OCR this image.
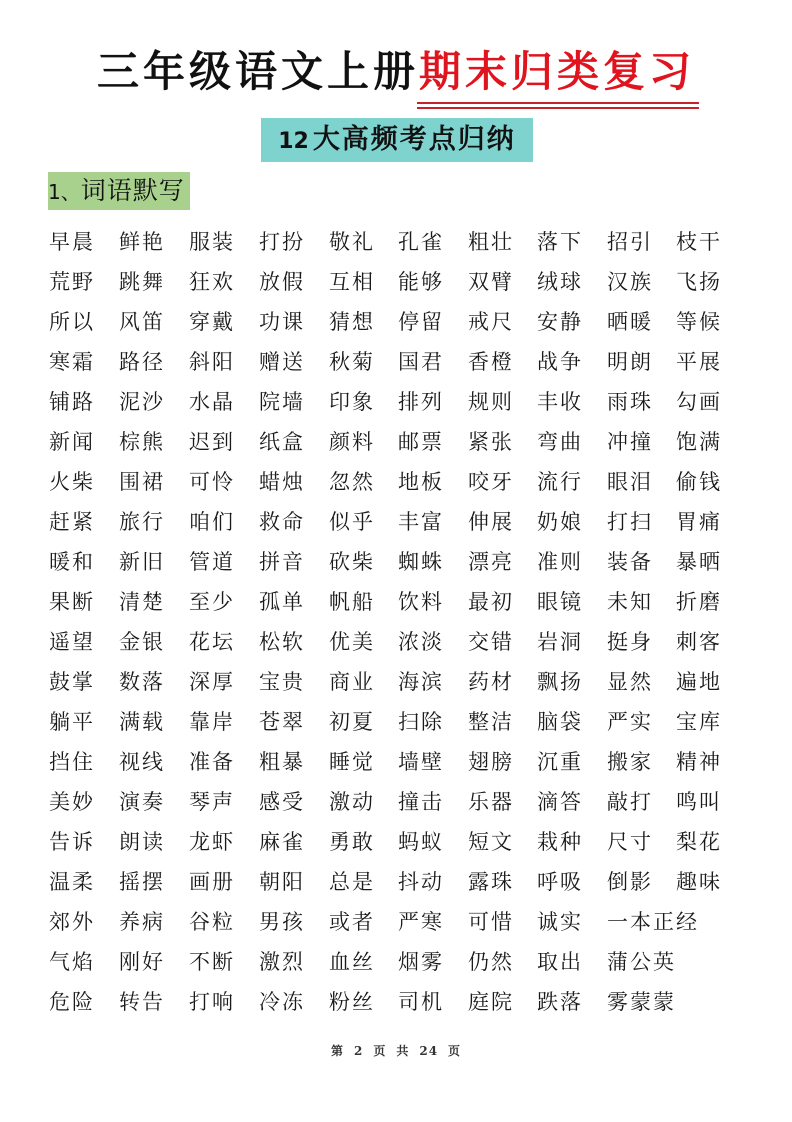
三年级语文上册期末归类复习
12 大高频考点归纳
1、词语默写
早晨 鲜艳 服装 打扮 敬礼 孔雀 粗壮 落下 招引 枝干
荒野 跳舞 狂欢 放假 互相 能够 双臂 绒球 汉族 飞扬
所以 风笛 穿戴 功课 猜想 停留 戒尺 安静 晒暖 等候
寒霜 路径 斜阳 赠送 秋菊 国君 香橙 战争 明朗 平展
铺路 泥沙 水晶 院墙 印象 排列 规则 丰收 雨珠 勾画
新闻 棕熊 迟到 纸盒 颜料 邮票 紧张 弯曲 冲撞 饱满
火柴 围裙 可怜 蜡烛 忽然 地板 咬牙 流行 眼泪 偷钱
赶紧 旅行 咱们 救命 似乎 丰富 伸展 奶娘 打扫 胃痛
暖和 新旧 管道 拼音 砍柴 蜘蛛 漂亮 准则 装备 暴晒
果断 清楚 至少 孤单 帆船 饮料 最初 眼镜 未知 折磨
遥望 金银 花坛 松软 优美 浓淡 交错 岩洞 挺身 刺客
鼓掌 数落 深厚 宝贵 商业 海滨 药材 飘扬 显然 遍地
躺平 满载 靠岸 苍翠 初夏 扫除 整洁 脑袋 严实 宝库
挡住 视线 准备 粗暴 睡觉 墙壁 翅膀 沉重 搬家 精神
美妙 演奏 琴声 感受 激动 撞击 乐器 滴答 敲打 鸣叫
告诉 朗读 龙虾 麻雀 勇敢 蚂蚁 短文 栽种 尺寸 梨花
温柔 摇摆 画册 朝阳 总是 抖动 露珠 呼吸 倒影 趣味
郊外 养病 谷粒 男孩 或者 严寒 可惜 诚实 一本正经
气焰 刚好 不断 激烈 血丝 烟雾 仍然 取出 蒲公英
危险 转告 打响 冷冻 粉丝 司机 庭院 跌落 雾蒙蒙
第 2 页 共 24 页
